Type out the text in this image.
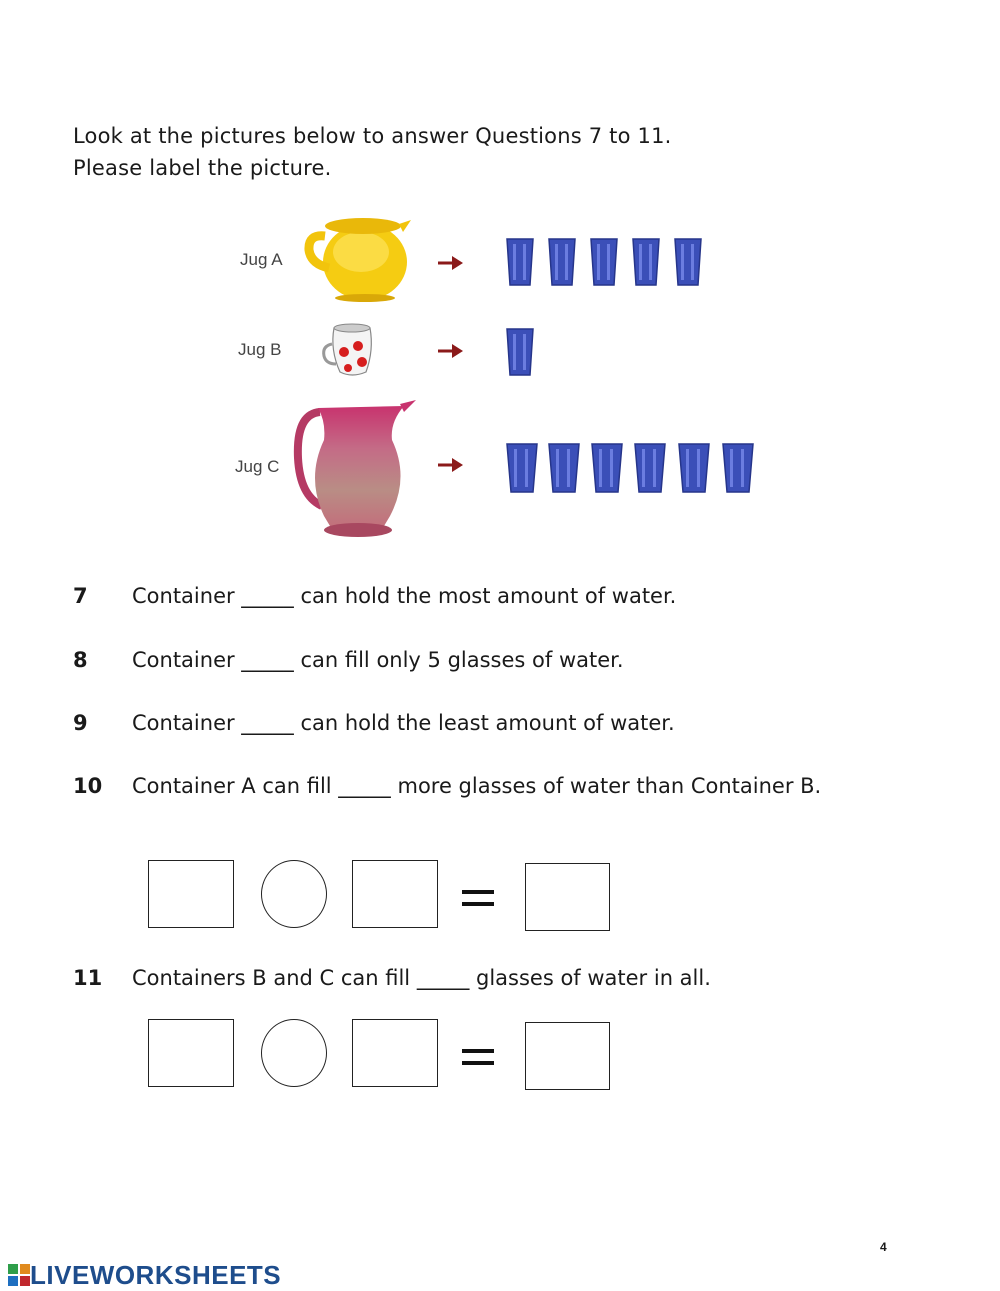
Look at the pictures below to answer Questions 7 to 11.
Please label the picture.
Jug A
Jug B
Jug C
7 Container _____ can hold the most amount of water.
8 Container _____ can fill only 5 glasses of water.
9 Container _____ can hold the least amount of water.
10 Container A can fill _____ more glasses of water than Container B.
11 Containers B and C can fill _____ glasses of water in all.
4
LIVEWORKSHEETS
